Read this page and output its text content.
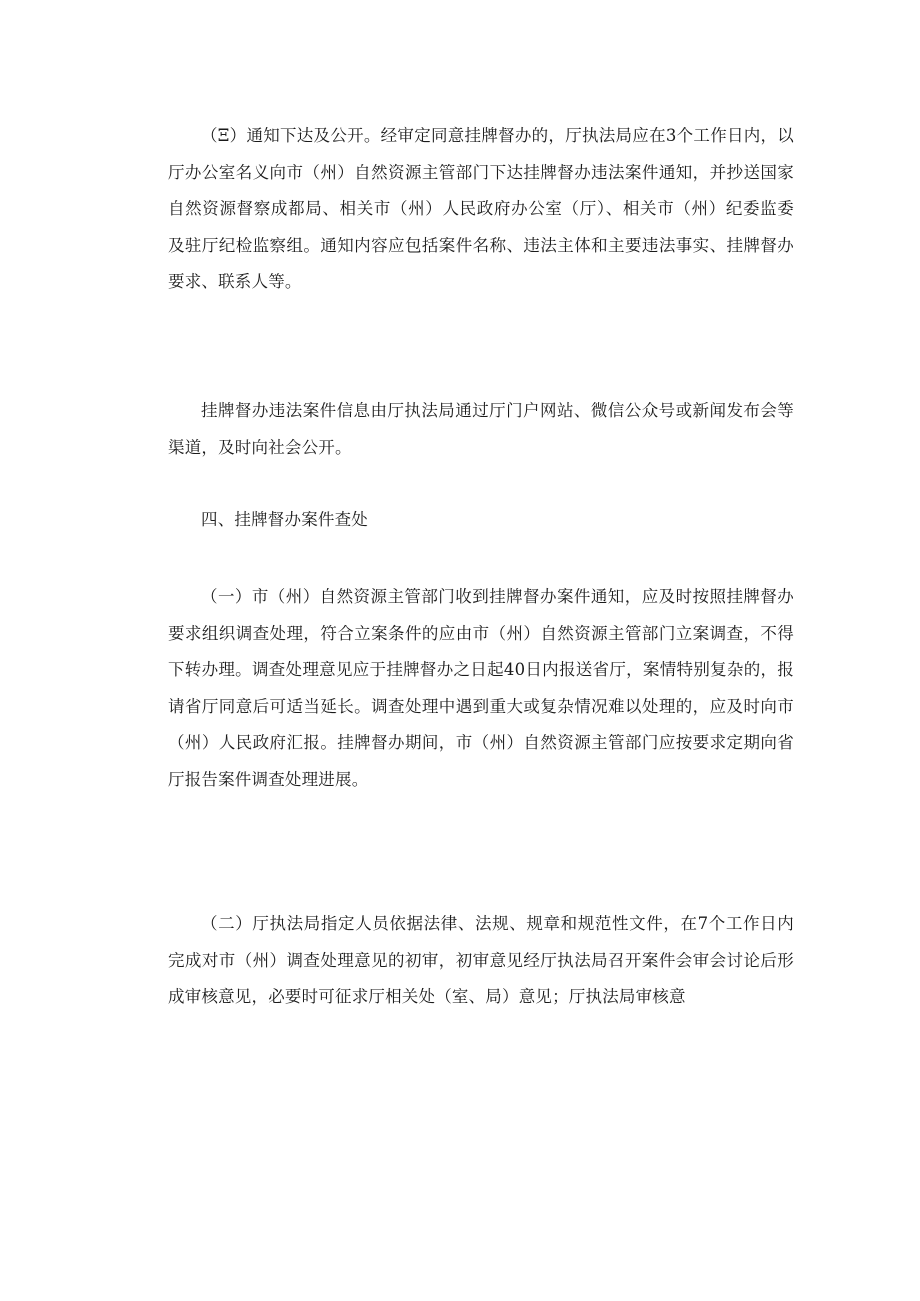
（Ξ）通知下达及公开。经审定同意挂牌督办的，厅执法局应在3个工作日内，以厅办公室名义向市（州）自然资源主管部门下达挂牌督办违法案件通知，并抄送国家自然资源督察成都局、相关市（州）人民政府办公室（厅）、相关市（州）纪委监委及驻厅纪检监察组。通知内容应包括案件名称、违法主体和主要违法事实、挂牌督办要求、联系人等。

挂牌督办违法案件信息由厅执法局通过厅门户网站、微信公众号或新闻发布会等渠道，及时向社会公开。

四、挂牌督办案件查处

（一）市（州）自然资源主管部门收到挂牌督办案件通知，应及时按照挂牌督办要求组织调查处理，符合立案条件的应由市（州）自然资源主管部门立案调查，不得下转办理。调查处理意见应于挂牌督办之日起40日内报送省厅，案情特别复杂的，报请省厅同意后可适当延长。调查处理中遇到重大或复杂情况难以处理的，应及时向市（州）人民政府汇报。挂牌督办期间，市（州）自然资源主管部门应按要求定期向省厅报告案件调查处理进展。

（二）厅执法局指定人员依据法律、法规、规章和规范性文件，在7个工作日内完成对市（州）调查处理意见的初审，初审意见经厅执法局召开案件会审会讨论后形成审核意见，必要时可征求厅相关处（室、局）意见；厅执法局审核意
